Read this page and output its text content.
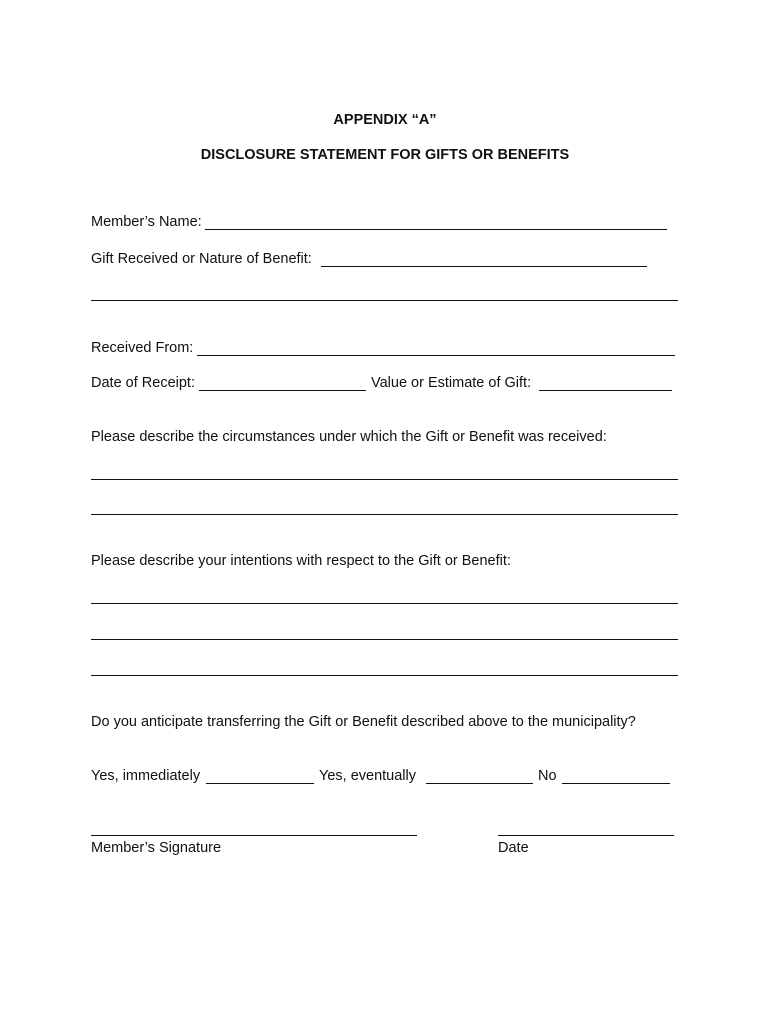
APPENDIX “A”
DISCLOSURE STATEMENT FOR GIFTS OR BENEFITS
Member’s Name:
Gift Received or Nature of Benefit:
Received From:
Date of Receipt:	Value or Estimate of Gift:
Please describe the circumstances under which the Gift or Benefit was received:
Please describe your intentions with respect to the Gift or Benefit:
Do you anticipate transferring the Gift or Benefit described above to the municipality?
Yes, immediately	Yes, eventually	No
Member’s Signature	Date
